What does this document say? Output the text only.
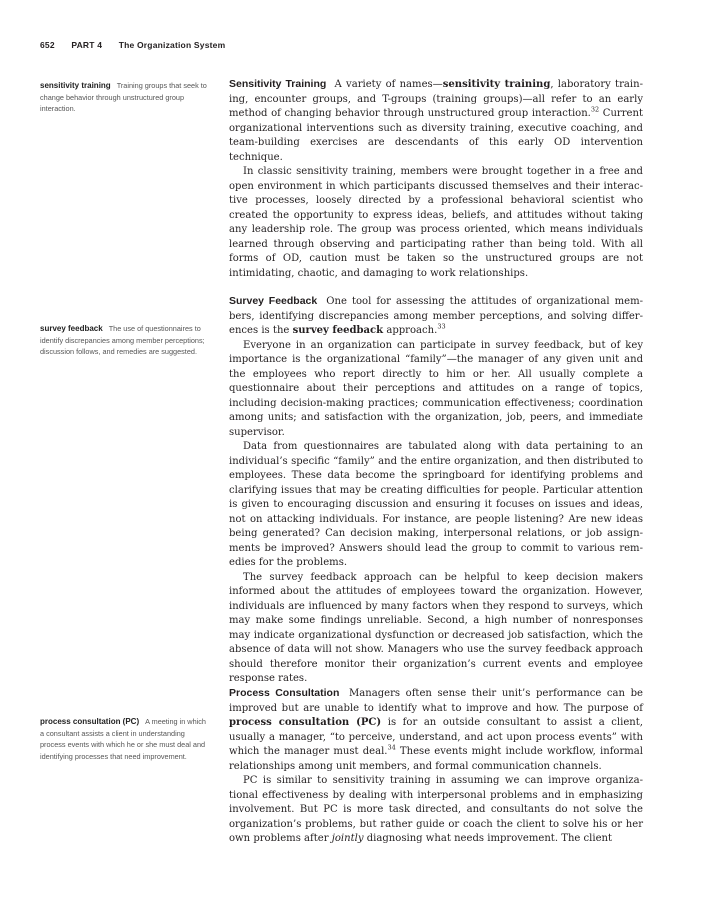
652 PART 4 The Organization System
sensitivity training Training groups that seek to change behavior through unstructured group interaction.
survey feedback The use of questionnaires to identify discrepancies among member perceptions; discussion follows, and remedies are suggested.
process consultation (PC) A meeting in which a consultant assists a client in understanding process events with which he or she must deal and identifying processes that need improvement.

Sensitivity Training A variety of names—sensitivity training, laboratory training, encounter groups, and T-groups (training groups)—all refer to an early method of changing behavior through unstructured group interaction.$^{32}$ Current organizational interventions such as diversity training, executive coaching, and team-building exercises are descendants of this early OD intervention technique.

In classic sensitivity training, members were brought together in a free and open environment in which participants discussed themselves and their interactive processes, loosely directed by a professional behavioral scientist who created the opportunity to express ideas, beliefs, and attitudes without taking any leadership role. The group was process oriented, which means individuals learned through observing and participating rather than being told. With all forms of OD, caution must be taken so the unstructured groups are not intimidating, chaotic, and damaging to work relationships.

Survey Feedback One tool for assessing the attitudes of organizational members, identifying discrepancies among member perceptions, and solving differences is the survey feedback approach.$^{33}$

Everyone in an organization can participate in survey feedback, but of key importance is the organizational “family”—the manager of any given unit and the employees who report directly to him or her. All usually complete a questionnaire about their perceptions and attitudes on a range of topics, including decision-making practices; communication effectiveness; coordination among units; and satisfaction with the organization, job, peers, and immediate supervisor.

Data from questionnaires are tabulated along with data pertaining to an individual’s specific “family” and the entire organization, and then distributed to employees. These data become the springboard for identifying problems and clarifying issues that may be creating difficulties for people. Particular attention is given to encouraging discussion and ensuring it focuses on issues and ideas, not on attacking individuals. For instance, are people listening? Are new ideas being generated? Can decision making, interpersonal relations, or job assignments be improved? Answers should lead the group to commit to various remedies for the problems.

The survey feedback approach can be helpful to keep decision makers informed about the attitudes of employees toward the organization. However, individuals are influenced by many factors when they respond to surveys, which may make some findings unreliable. Second, a high number of nonresponses may indicate organizational dysfunction or decreased job satisfaction, which the absence of data will not show. Managers who use the survey feedback approach should therefore monitor their organization’s current events and employee response rates.

Process Consultation Managers often sense their unit’s performance can be improved but are unable to identify what to improve and how. The purpose of process consultation (PC) is for an outside consultant to assist a client, usually a manager, “to perceive, understand, and act upon process events” with which the manager must deal.$^{34}$ These events might include workflow, informal relationships among unit members, and formal communication channels.

PC is similar to sensitivity training in assuming we can improve organizational effectiveness by dealing with interpersonal problems and in emphasizing involvement. But PC is more task directed, and consultants do not solve the organization’s problems, but rather guide or coach the client to solve his or her own problems after jointly diagnosing what needs improvement. The client
